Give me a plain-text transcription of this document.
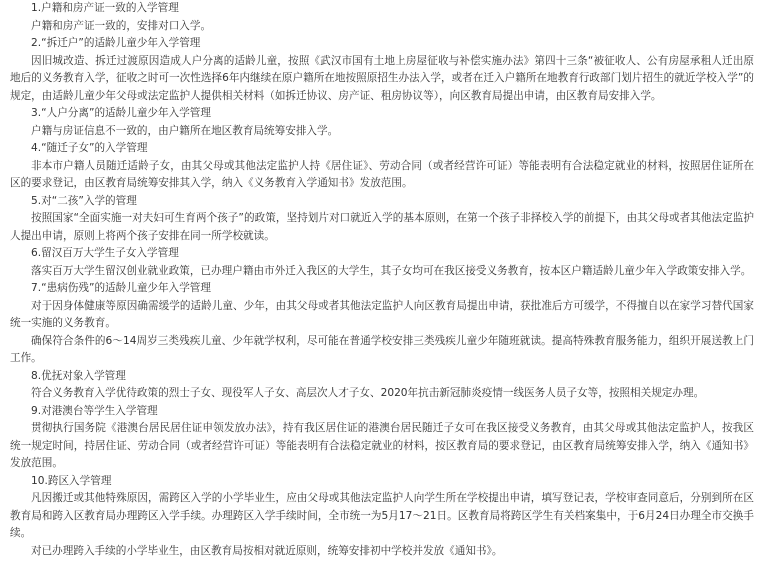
1.户籍和房产证一致的入学管理

户籍和房产证一致的，安排对口入学。

2.“拆迁户”的适龄儿童少年入学管理

因旧城改造、拆迁过渡原因造成人户分离的适龄儿童，按照《武汉市国有土地上房屋征收与补偿实施办法》第四十三条“被征收人、公有房屋承租人迁出原地后的义务教育入学，征收之时可一次性选择6年内继续在原户籍所在地按照原招生办法入学，或者在迁入户籍所在地教育行政部门划片招生的就近学校入学”的规定，由适龄儿童少年父母或法定监护人提供相关材料（如拆迁协议、房产证、租房协议等），向区教育局提出申请，由区教育局安排入学。

3.“人户分离”的适龄儿童少年入学管理

户籍与房证信息不一致的，由户籍所在地区教育局统筹安排入学。

4.“随迁子女”的入学管理

非本市户籍人员随迁适龄子女，由其父母或其他法定监护人持《居住证》、劳动合同（或者经营许可证）等能表明有合法稳定就业的材料，按照居住证所在区的要求登记，由区教育局统筹安排其入学，纳入《义务教育入学通知书》发放范围。

5.对“二孩”入学的管理

按照国家“全面实施一对夫妇可生育两个孩子”的政策，坚持划片对口就近入学的基本原则，在第一个孩子非择校入学的前提下，由其父母或者其他法定监护人提出申请，原则上将两个孩子安排在同一所学校就读。

6.留汉百万大学生子女入学管理

落实百万大学生留汉创业就业政策，已办理户籍由市外迁入我区的大学生，其子女均可在我区接受义务教育，按本区户籍适龄儿童少年入学政策安排入学。

7.“患病伤残”的适龄儿童少年入学管理

对于因身体健康等原因确需缓学的适龄儿童、少年，由其父母或者其他法定监护人向区教育局提出申请，获批准后方可缓学，不得擅自以在家学习替代国家统一实施的义务教育。

确保符合条件的6～14周岁三类残疾儿童、少年就学权利，尽可能在普通学校安排三类残疾儿童少年随班就读。提高特殊教育服务能力，组织开展送教上门工作。

8.优抚对象入学管理

符合义务教育入学优待政策的烈士子女、现役军人子女、高层次人才子女、2020年抗击新冠肺炎疫情一线医务人员子女等，按照相关规定办理。

9.对港澳台等学生入学管理

贯彻执行国务院《港澳台居民居住证申领发放办法》，持有我区居住证的港澳台居民随迁子女可在我区接受义务教育，由其父母或其他法定监护人，按我区统一规定时间，持居住证、劳动合同（或者经营许可证）等能表明有合法稳定就业的材料，按区教育局的要求登记，由区教育局统筹安排入学，纳入《通知书》发放范围。

10.跨区入学管理

凡因搬迁或其他特殊原因，需跨区入学的小学毕业生，应由父母或其他法定监护人向学生所在学校提出申请，填写登记表，学校审查同意后，分别到所在区教育局和跨入区教育局办理跨区入学手续。办理跨区入学手续时间，全市统一为5月17～21日。区教育局将跨区学生有关档案集中，于6月24日办理全市交换手续。

对已办理跨入手续的小学毕业生，由区教育局按相对就近原则，统筹安排初中学校并发放《通知书》。
